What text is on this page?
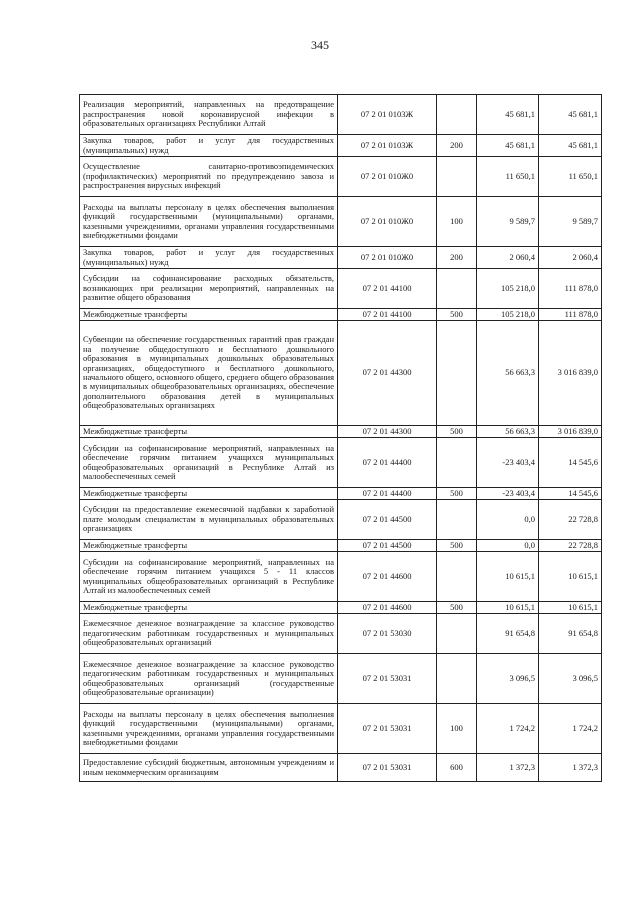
345
Реализация мероприятий, направленных на предотвращение распространения новой коронавирусной инфекции в образовательных организациях Республики Алтай	07 2 01 0103Ж		45 681,1	45 681,1
Закупка товаров, работ и услуг для государственных (муниципальных) нужд	07 2 01 0103Ж	200	45 681,1	45 681,1
Осуществление санитарно-противоэпидемических (профилактических) мероприятий по предупреждению завоза и распространения вирусных инфекций	07 2 01 010Ж0		11 650,1	11 650,1
Расходы на выплаты персоналу в целях обеспечения выполнения функций государственными (муниципальными) органами, казенными учреждениями, органами управления государственными внебюджетными фондами	07 2 01 010Ж0	100	9 589,7	9 589,7
Закупка товаров, работ и услуг для государственных (муниципальных) нужд	07 2 01 010Ж0	200	2 060,4	2 060,4
Субсидии на софинансирование расходных обязательств, возникающих при реализации мероприятий, направленных на развитие общего образования	07 2 01 44100		105 218,0	111 878,0
Межбюджетные трансферты	07 2 01 44100	500	105 218,0	111 878,0
Субвенции на обеспечение государственных гарантий прав граждан на получение общедоступного и бесплатного дошкольного образования в муниципальных дошкольных образовательных организациях, общедоступного и бесплатного дошкольного, начального общего, основного общего, среднего общего образования в муниципальных общеобразовательных организациях, обеспечение дополнительного образования детей в муниципальных общеобразовательных организациях	07 2 01 44300		56 663,3	3 016 839,0
Межбюджетные трансферты	07 2 01 44300	500	56 663,3	3 016 839,0
Субсидии на софинансирование мероприятий, направленных на обеспечение горячим питанием учащихся муниципальных общеобразовательных организаций в Республике Алтай из малообеспеченных семей	07 2 01 44400		-23 403,4	14 545,6
Межбюджетные трансферты	07 2 01 44400	500	-23 403,4	14 545,6
Субсидии на предоставление ежемесячной надбавки к заработной плате молодым специалистам в муниципальных образовательных организациях	07 2 01 44500		0,0	22 728,8
Межбюджетные трансферты	07 2 01 44500	500	0,0	22 728,8
Субсидии на софинансирование мероприятий, направленных на обеспечение горячим питанием учащихся 5 - 11 классов муниципальных общеобразовательных организаций в Республике Алтай из малообеспеченных семей	07 2 01 44600		10 615,1	10 615,1
Межбюджетные трансферты	07 2 01 44600	500	10 615,1	10 615,1
Ежемесячное денежное вознаграждение за классное руководство педагогическим работникам государственных и муниципальных общеобразовательных организаций	07 2 01 53030		91 654,8	91 654,8
Ежемесячное денежное вознаграждение за классное руководство педагогическим работникам государственных и муниципальных общеобразовательных организаций (государственные общеобразовательные организации)	07 2 01 53031		3 096,5	3 096,5
Расходы на выплаты персоналу в целях обеспечения выполнения функций государственными (муниципальными) органами, казенными учреждениями, органами управления государственными внебюджетными фондами	07 2 01 53031	100	1 724,2	1 724,2
Предоставление субсидий бюджетным, автономным учреждениям и иным некоммерческим организациям	07 2 01 53031	600	1 372,3	1 372,3
